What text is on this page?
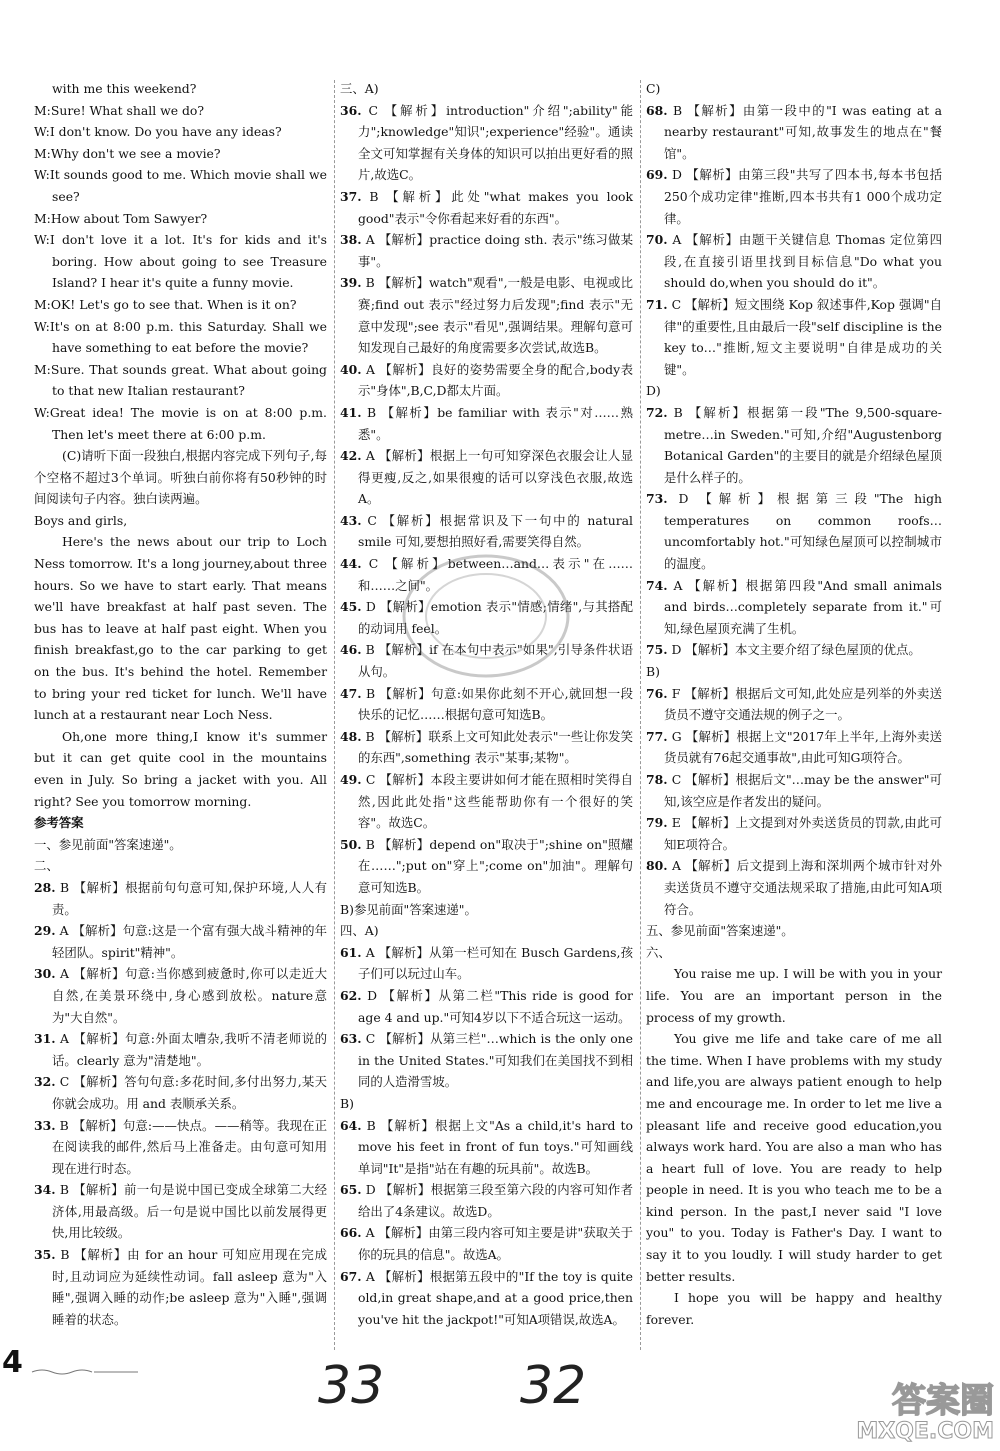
with me this weekend?
M:Sure! What shall we do?
W:I don't know. Do you have any ideas?
M:Why don't we see a movie?
W:It sounds good to me. Which movie shall we see?
M:How about Tom Sawyer?
W:I don't love it a lot. It's for kids and it's boring. How about going to see Treasure Island? I hear it's quite a funny movie.
M:OK! Let's go to see that. When is it on?
W:It's on at 8:00 p.m. this Saturday. Shall we have something to eat before the movie?
M:Sure. That sounds great. What about going to that new Italian restaurant?
W:Great idea! The movie is on at 8:00 p.m. Then let's meet there at 6:00 p.m.
(C)请听下面一段独白,根据内容完成下列句子,每个空格不超过3个单词。听独白前你将有50秒钟的时间阅读句子内容。独白读两遍。
Boys and girls,
Here's the news about our trip to Loch Ness tomorrow. It's a long journey,about three hours. So we have to start early. That means we'll have breakfast at half past seven. The bus has to leave at half past eight. When you finish breakfast,go to the car parking to get on the bus. It's behind the hotel. Remember to bring your red ticket for lunch. We'll have lunch at a restaurant near Loch Ness.
Oh,one more thing,I know it's summer but it can get quite cool in the mountains even in July. So bring a jacket with you. All right? See you tomorrow morning.
参考答案
一、参见前面"答案速递"。
二、
28. B 【解析】根据前句句意可知,保护环境,人人有责。
29. A 【解析】句意:这是一个富有强大战斗精神的年轻团队。spirit"精神"。
30. A 【解析】句意:当你感到疲惫时,你可以走近大自然,在美景环绕中,身心感到放松。nature意为"大自然"。
31. A 【解析】句意:外面太嘈杂,我听不清老师说的话。clearly 意为"清楚地"。
32. C 【解析】答句句意:多花时间,多付出努力,某天你就会成功。用 and 表顺承关系。
33. B 【解析】句意:——快点。——稍等。我现在正在阅读我的邮件,然后马上准备走。由句意可知用现在进行时态。
34. B 【解析】前一句是说中国已变成全球第二大经济体,用最高级。后一句是说中国比以前发展得更快,用比较级。
35. B 【解析】由 for an hour 可知应用现在完成时,且动词应为延续性动词。fall asleep 意为"入睡",强调入睡的动作;be asleep 意为"入睡",强调睡着的状态。
三、A)
36. C 【解析】introduction"介绍";ability"能力";knowledge"知识";experience"经验"。通读全文可知掌握有关身体的知识可以拍出更好看的照片,故选C。
37. B 【解析】此处"what makes you look good"表示"令你看起来好看的东西"。
38. A 【解析】practice doing sth. 表示"练习做某事"。
39. B 【解析】watch"观看",一般是电影、电视或比赛;find out 表示"经过努力后发现";find 表示"无意中发现";see 表示"看见",强调结果。理解句意可知发现自己最好的角度需要多次尝试,故选B。
40. A 【解析】良好的姿势需要全身的配合,body表示"身体",B,C,D都太片面。
41. B 【解析】be familiar with 表示"对……熟悉"。
42. A 【解析】根据上一句可知穿深色衣服会让人显得更瘦,反之,如果很瘦的话可以穿浅色衣服,故选A。
43. C 【解析】根据常识及下一句中的 natural smile 可知,要想拍照好看,需要笑得自然。
44. C 【解析】between…and…表示"在……和……之间"。
45. D 【解析】emotion 表示"情感;情绪",与其搭配的动词用 feel。
46. B 【解析】if 在本句中表示"如果",引导条件状语从句。
47. B 【解析】句意:如果你此刻不开心,就回想一段快乐的记忆……根据句意可知选B。
48. B 【解析】联系上文可知此处表示"一些让你发笑的东西",something 表示"某事;某物"。
49. C 【解析】本段主要讲如何才能在照相时笑得自然,因此此处指"这些能帮助你有一个很好的笑容"。故选C。
50. B 【解析】depend on"取决于";shine on"照耀在……";put on"穿上";come on"加油"。理解句意可知选B。
B)参见前面"答案速递"。
四、A)
61. A 【解析】从第一栏可知在 Busch Gardens,孩子们可以玩过山车。
62. D 【解析】从第二栏"This ride is good for age 4 and up."可知4岁以下不适合玩这一运动。
63. C 【解析】从第三栏"…which is the only one in the United States."可知我们在美国找不到相同的人造滑雪坡。
B)
64. B 【解析】根据上文"As a child,it's hard to move his feet in front of fun toys."可知画线单词"It"是指"站在有趣的玩具前"。故选B。
65. D 【解析】根据第三段至第六段的内容可知作者给出了4条建议。故选D。
66. A 【解析】由第三段内容可知主要是讲"获取关于你的玩具的信息"。故选A。
67. A 【解析】根据第五段中的"If the toy is quite old,in great shape,and at a good price,then you've hit the jackpot!"可知A项错误,故选A。
C)
68. B 【解析】由第一段中的"I was eating at a nearby restaurant"可知,故事发生的地点在"餐馆"。
69. D 【解析】由第三段"共写了四本书,每本书包括250个成功定律"推断,四本书共有1 000个成功定律。
70. A 【解析】由题干关键信息 Thomas 定位第四段,在直接引语里找到目标信息"Do what you should do,when you should do it"。
71. C 【解析】短文围绕 Kop 叙述事件,Kop 强调"自律"的重要性,且由最后一段"self discipline is the key to…"推断,短文主要说明"自律是成功的关键"。
D)
72. B 【解析】根据第一段"The 9,500-square-metre…in Sweden."可知,介绍"Augustenborg Botanical Garden"的主要目的就是介绍绿色屋顶是什么样子的。
73. D 【解析】根据第三段"The high temperatures on common roofs…uncomfortably hot."可知绿色屋顶可以控制城市的温度。
74. A 【解析】根据第四段"And small animals and birds…completely separate from it."可知,绿色屋顶充满了生机。
75. D 【解析】本文主要介绍了绿色屋顶的优点。
B)
76. F 【解析】根据后文可知,此处应是列举的外卖送货员不遵守交通法规的例子之一。
77. G 【解析】根据上文"2017年上半年,上海外卖送货员就有76起交通事故",由此可知G项符合。
78. C 【解析】根据后文"…may be the answer"可知,该空应是作者发出的疑问。
79. E 【解析】上文提到对外卖送货员的罚款,由此可知E项符合。
80. A 【解析】后文提到上海和深圳两个城市针对外卖送货员不遵守交通法规采取了措施,由此可知A项符合。
五、参见前面"答案速递"。
六、
You raise me up. I will be with you in your life. You are an important person in the process of my growth.
You give me life and take care of me all the time. When I have problems with my study and life,you are always patient enough to help me and encourage me. In order to let me live a pleasant life and receive good education,you always work hard. You are also a man who has a heart full of love. You are ready to help people in need. It is you who teach me to be a kind person. In the past,I never said "I love you" to you. Today is Father's Day. I want to say it to you loudly. I will study harder to get better results.
I hope you will be happy and healthy forever.
4	33	32	答案圈
MXQE.COM
